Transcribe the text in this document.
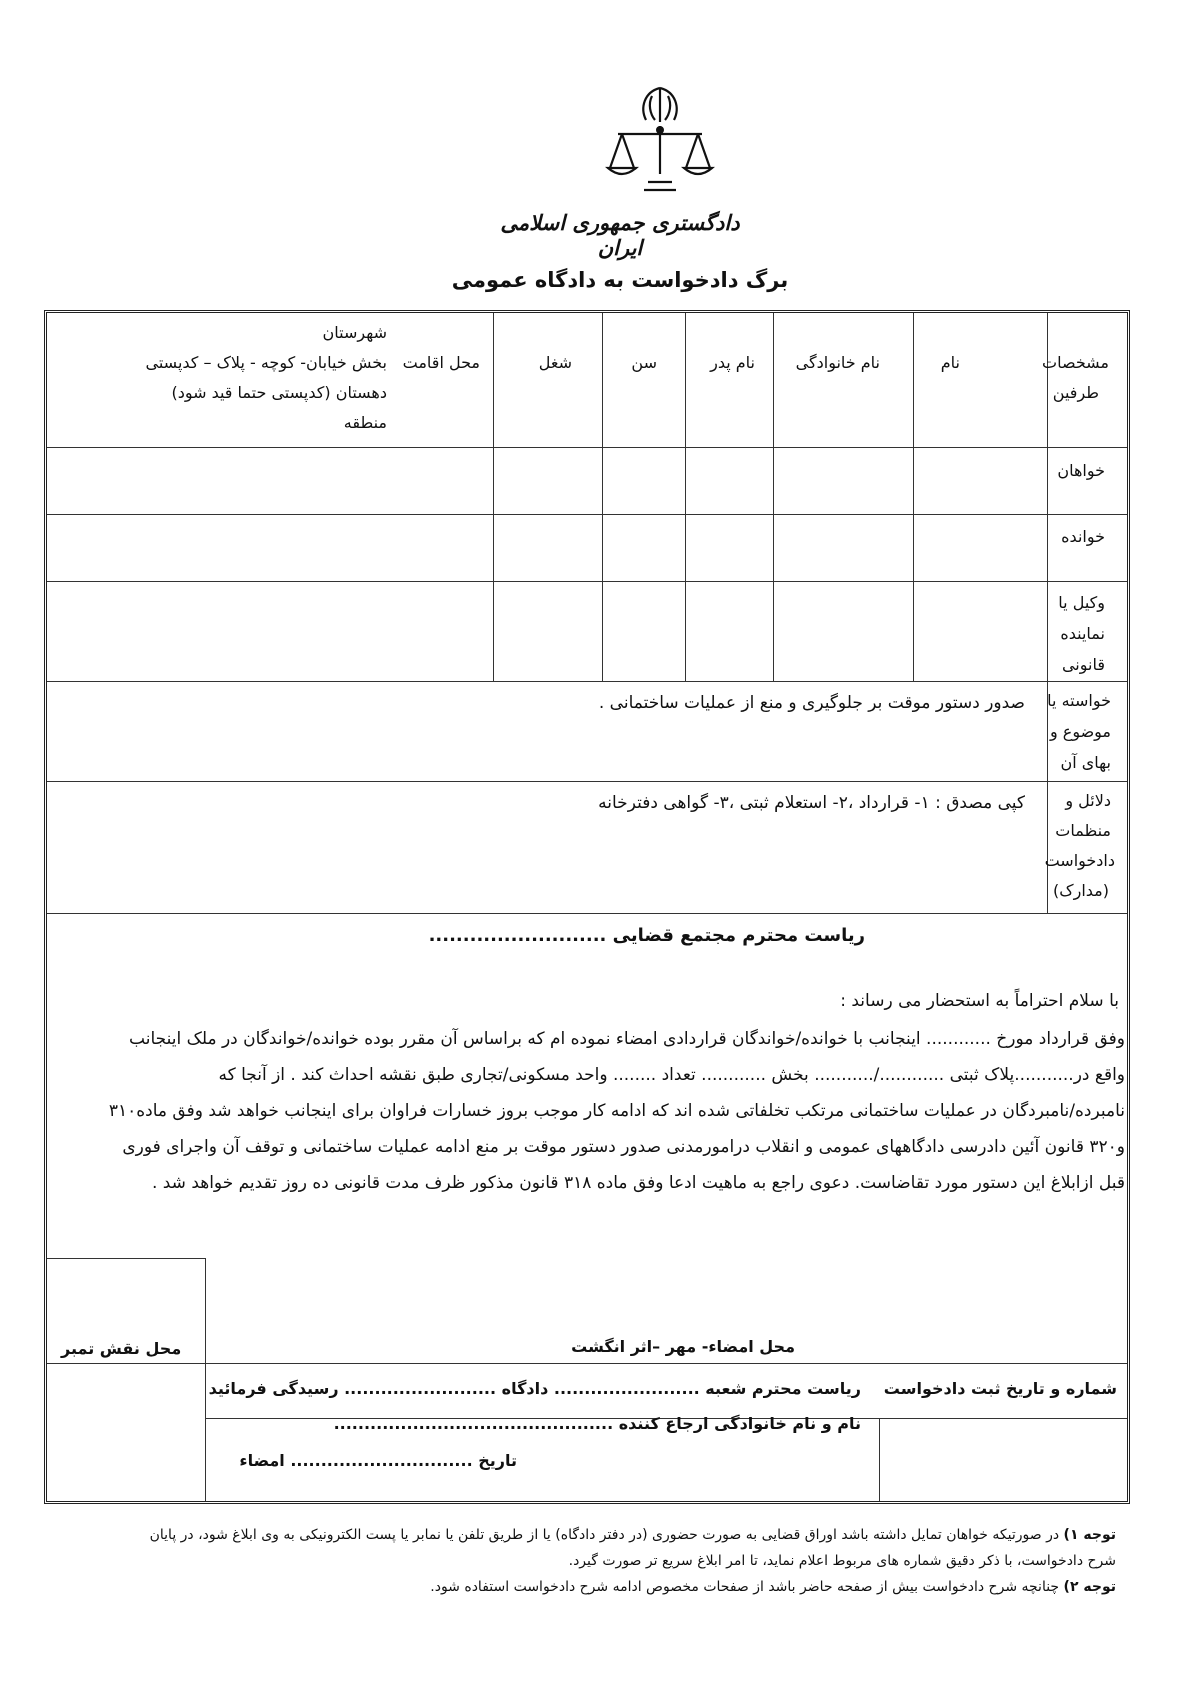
دادگستری جمهوری اسلامی ایران
برگ دادخواست به دادگاه عمومی
مشخصات
طرفین
نام
نام خانوادگی
نام پدر
سن
شغل
محل اقامت
شهرستان
بخش خیابان- کوچه - پلاک – کدپستی
دهستان (کدپستی حتما قید شود)
منطقه
خواهان
خوانده
وکیل یا
نماینده
قانونی
خواسته یا
موضوع و
بهای آن
صدور دستور موقت بر جلوگیری و منع از عملیات ساختمانی .
دلائل و
منظمات
دادخواست
(مدارک)
کپی مصدق : ۱- قرارداد ،۲- استعلام ثبتی ،۳- گواهی دفترخانه
ریاست محترم مجتمع قضایی ..........................
با سلام احتراماً به استحضار می رساند :

وفق قرارداد مورخ ............ اینجانب با خوانده/خواندگان قراردادی امضاء نموده ام که براساس آن مقرر بوده خوانده/خواندگان در ملک اینجانب

واقع در...........پلاک ثبتی ............/........... بخش ............ تعداد ........ واحد مسکونی/تجاری طبق نقشه احداث کند . از آنجا که

نامبرده/نامبردگان در عملیات ساختمانی مرتکب تخلفاتی شده اند که ادامه کار موجب بروز خسارات فراوان برای اینجانب خواهد شد وفق ماده۳۱۰

و۳۲۰ قانون آئین دادرسی دادگاههای عمومی و انقلاب درامورمدنی صدور دستور موقت بر منع ادامه عملیات ساختمانی و توقف آن واجرای فوری

قبل ازابلاغ این دستور مورد تقاضاست. دعوی راجع به ماهیت ادعا وفق ماده ۳۱۸ قانون مذکور ظرف مدت قانونی ده روز تقدیم خواهد شد .

محل نقش تمبر	محل امضاء- مهر –اثر انگشت
شماره و تاریخ ثبت دادخواست
ریاست محترم شعبه ........................ دادگاه ......................... رسیدگی فرمائید
نام و نام خانوادگی ارجاع کننده ..............................................
تاریخ .............................. امضاء

توجه ۱) در صورتیکه خواهان تمایل داشته باشد اوراق قضایی به صورت حضوری (در دفتر دادگاه) یا از طریق تلفن یا نمابر یا پست الکترونیکی به وی ابلاغ شود، در پایان

شرح دادخواست، با ذکر دقیق شماره های مربوط اعلام نماید، تا امر ابلاغ سریع تر صورت گیرد.

توجه ۲) چنانچه شرح دادخواست بیش از صفحه حاضر باشد از صفحات مخصوص ادامه شرح دادخواست استفاده شود.
